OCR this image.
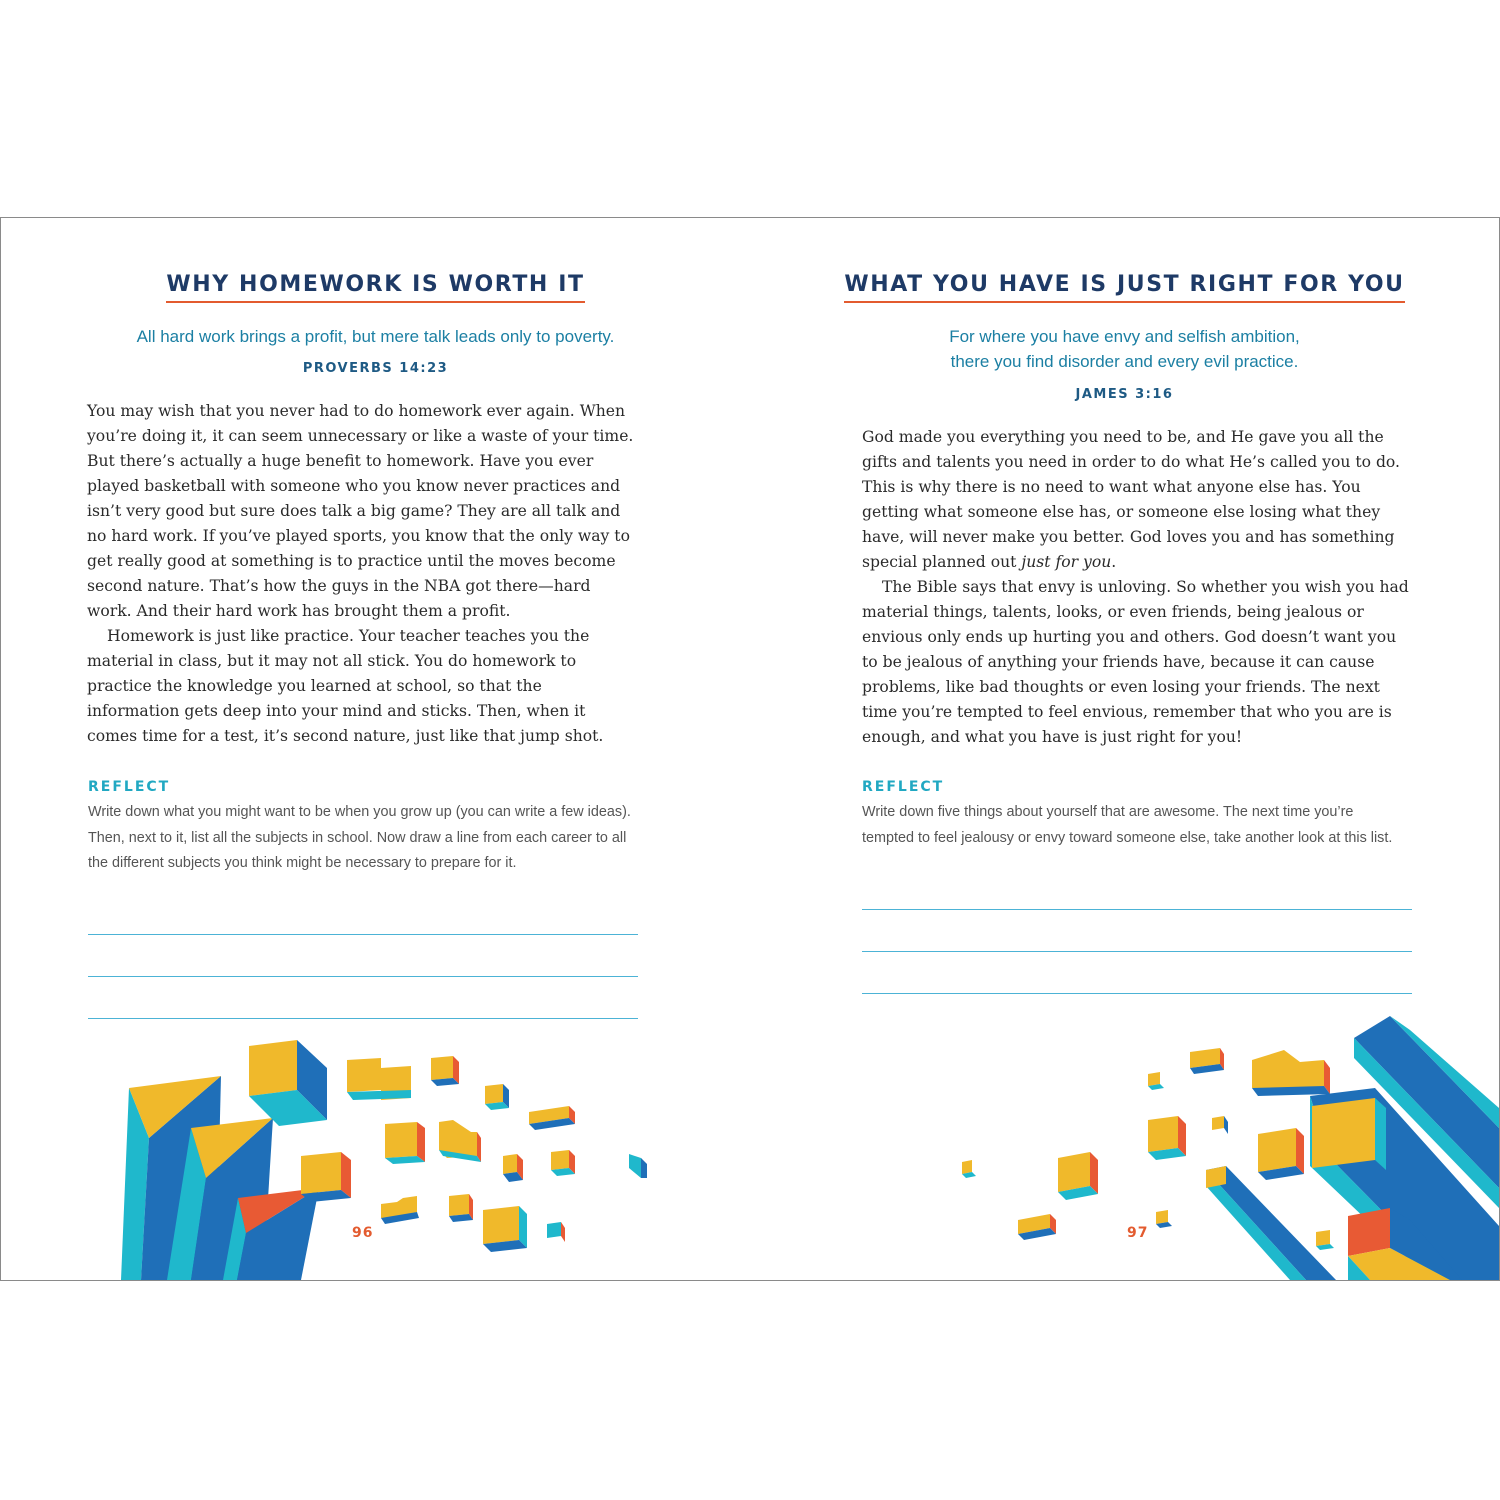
WHY HOMEWORK IS WORTH IT
All hard work brings a profit, but mere talk leads only to poverty.
PROVERBS 14:23

You may wish that you never had to do homework ever again. When you’re doing it, it can seem unnecessary or like a waste of your time. But there’s actually a huge benefit to homework. Have you ever played basketball with someone who you know never practices and isn’t very good but sure does talk a big game? They are all talk and no hard work. If you’ve played sports, you know that the only way to get really good at something is to practice until the moves become second nature. That’s how the guys in the NBA got there—hard work. And their hard work has brought them a profit.

Homework is just like practice. Your teacher teaches you the material in class, but it may not all stick. You do homework to practice the knowledge you learned at school, so that the information gets deep into your mind and sticks. Then, when it comes time for a test, it’s second nature, just like that jump shot.

REFLECT
Write down what you might want to be when you grow up (you can write a few ideas). Then, next to it, list all the subjects in school. Now draw a line from each career to all the different subjects you think might be necessary to prepare for it.
96
WHAT YOU HAVE IS JUST RIGHT FOR YOU
For where you have envy and selfish ambition,
there you find disorder and every evil practice.
JAMES 3:16

God made you everything you need to be, and He gave you all the gifts and talents you need in order to do what He’s called you to do. This is why there is no need to want what anyone else has. You getting what someone else has, or someone else losing what they have, will never make you better. God loves you and has something special planned out just for you.

The Bible says that envy is unloving. So whether you wish you had material things, talents, looks, or even friends, being jealous or envious only ends up hurting you and others. God doesn’t want you to be jealous of anything your friends have, because it can cause problems, like bad thoughts or even losing your friends. The next time you’re tempted to feel envious, remember that who you are is enough, and what you have is just right for you!

REFLECT
Write down five things about yourself that are awesome. The next time you’re tempted to feel jealousy or envy toward someone else, take another look at this list.
97
